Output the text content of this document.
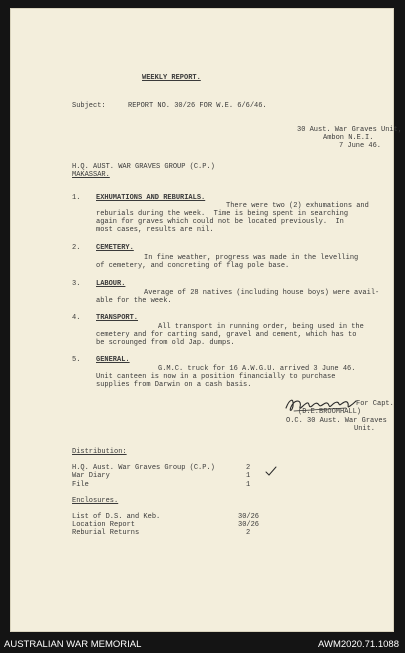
WEEKLY REPORT.
Subject:	REPORT NO. 30/26 FOR W.E. 6/6/46.
30 Aust. War Graves Unit,
Ambon N.E.I.
7 June 46.
H.Q. AUST. WAR GRAVES GROUP (C.P.)
MAKASSAR.
1. EXHUMATIONS AND REBURIALS.
There were two (2) exhumations and
reburials during the week.  Time is being spent in searching
again for graves which could not be located previously.  In
most cases, results are nil.
2. CEMETERY.
In fine weather, progress was made in the levelling
of cemetery, and concreting of flag pole base.
3. LABOUR.
Average of 28 natives (including house boys) were avail-
able for the week.
4. TRANSPORT.
All transport in running order, being used in the
cemetery and for carting sand, gravel and cement, which has to
be scrounged from old Jap. dumps.
5. GENERAL.
G.M.C. truck for 16 A.W.G.U. arrived 3 June 46.
Unit canteen is now in a position financially to purchase
supplies from Darwin on a cash basis.
For Capt.
(D.E.BROOMHALL)
O.C. 30 Aust. War Graves
Unit.
Distribution:
H.Q. Aust. War Graves Group (C.P.)	2
War Diary	1
File	1
Enclosures.
List of D.S. and Keb.	30/26
Location Report	30/26
Reburial Returns	2
AUSTRALIAN WAR MEMORIAL	AWM2020.71.1088
